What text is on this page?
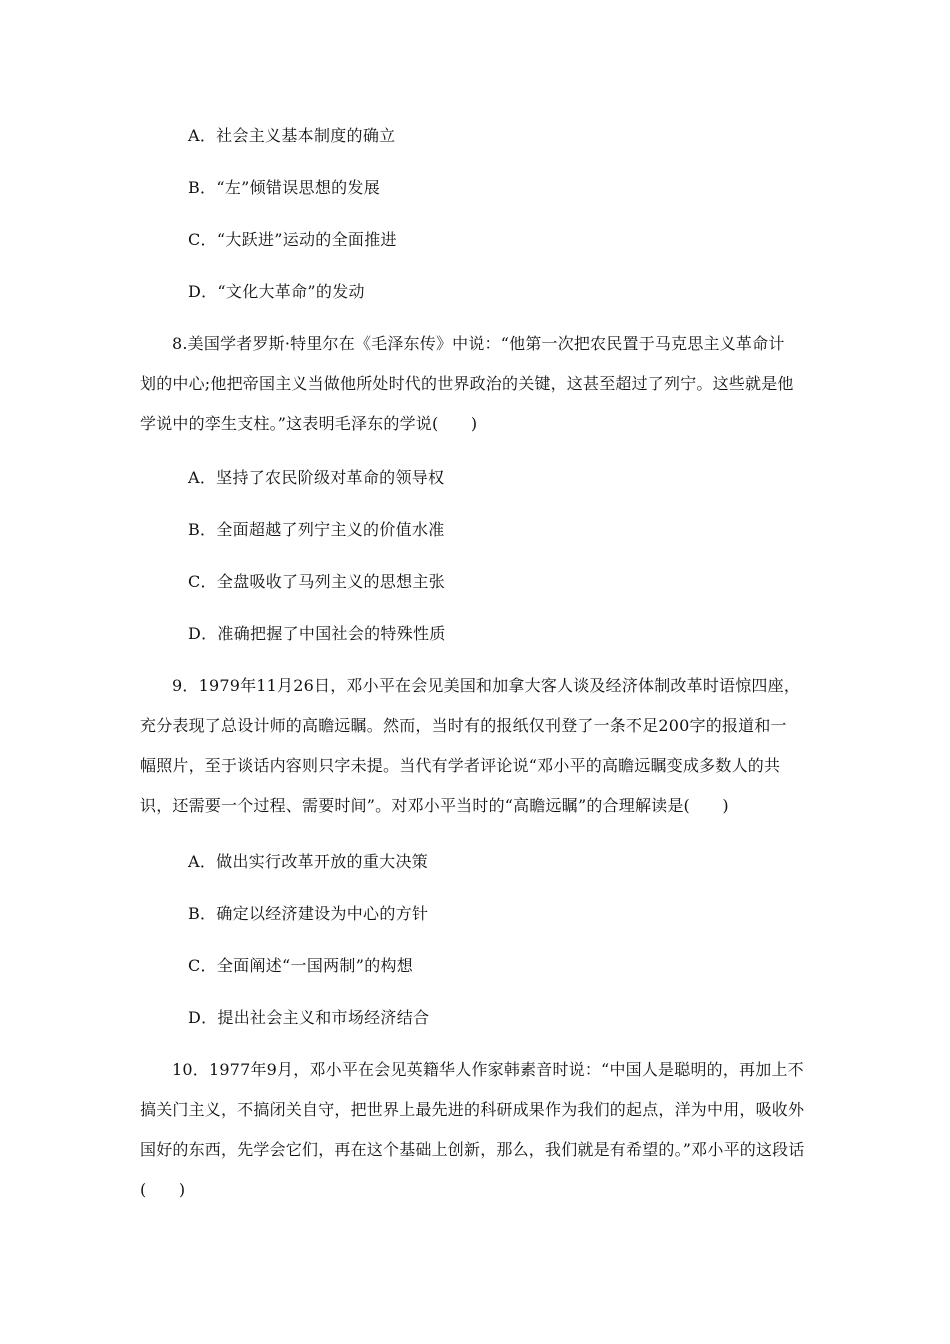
A．社会主义基本制度的确立
B．“左”倾错误思想的发展
C．“大跃进”运动的全面推进
D．“文化大革命”的发动
8.美国学者罗斯·特里尔在《毛泽东传》中说：“他第一次把农民置于马克思主义革命计
划的中心;他把帝国主义当做他所处时代的世界政治的关键，这甚至超过了列宁。这些就是他
学说中的孪生支柱。”这表明毛泽东的学说(　　)
A．坚持了农民阶级对革命的领导权
B．全面超越了列宁主义的价值水准
C．全盘吸收了马列主义的思想主张
D．准确把握了中国社会的特殊性质
9．1979年11月26日，邓小平在会见美国和加拿大客人谈及经济体制改革时语惊四座，
充分表现了总设计师的高瞻远瞩。然而，当时有的报纸仅刊登了一条不足200字的报道和一
幅照片，至于谈话内容则只字未提。当代有学者评论说“邓小平的高瞻远瞩变成多数人的共
识，还需要一个过程、需要时间”。对邓小平当时的“高瞻远瞩”的合理解读是(　　)
A．做出实行改革开放的重大决策
B．确定以经济建设为中心的方针
C．全面阐述“一国两制”的构想
D．提出社会主义和市场经济结合
10．1977年9月，邓小平在会见英籍华人作家韩素音时说：“中国人是聪明的，再加上不
搞关门主义，不搞闭关自守，把世界上最先进的科研成果作为我们的起点，洋为中用，吸收外
国好的东西，先学会它们，再在这个基础上创新，那么，我们就是有希望的。”邓小平的这段话
(　　)
